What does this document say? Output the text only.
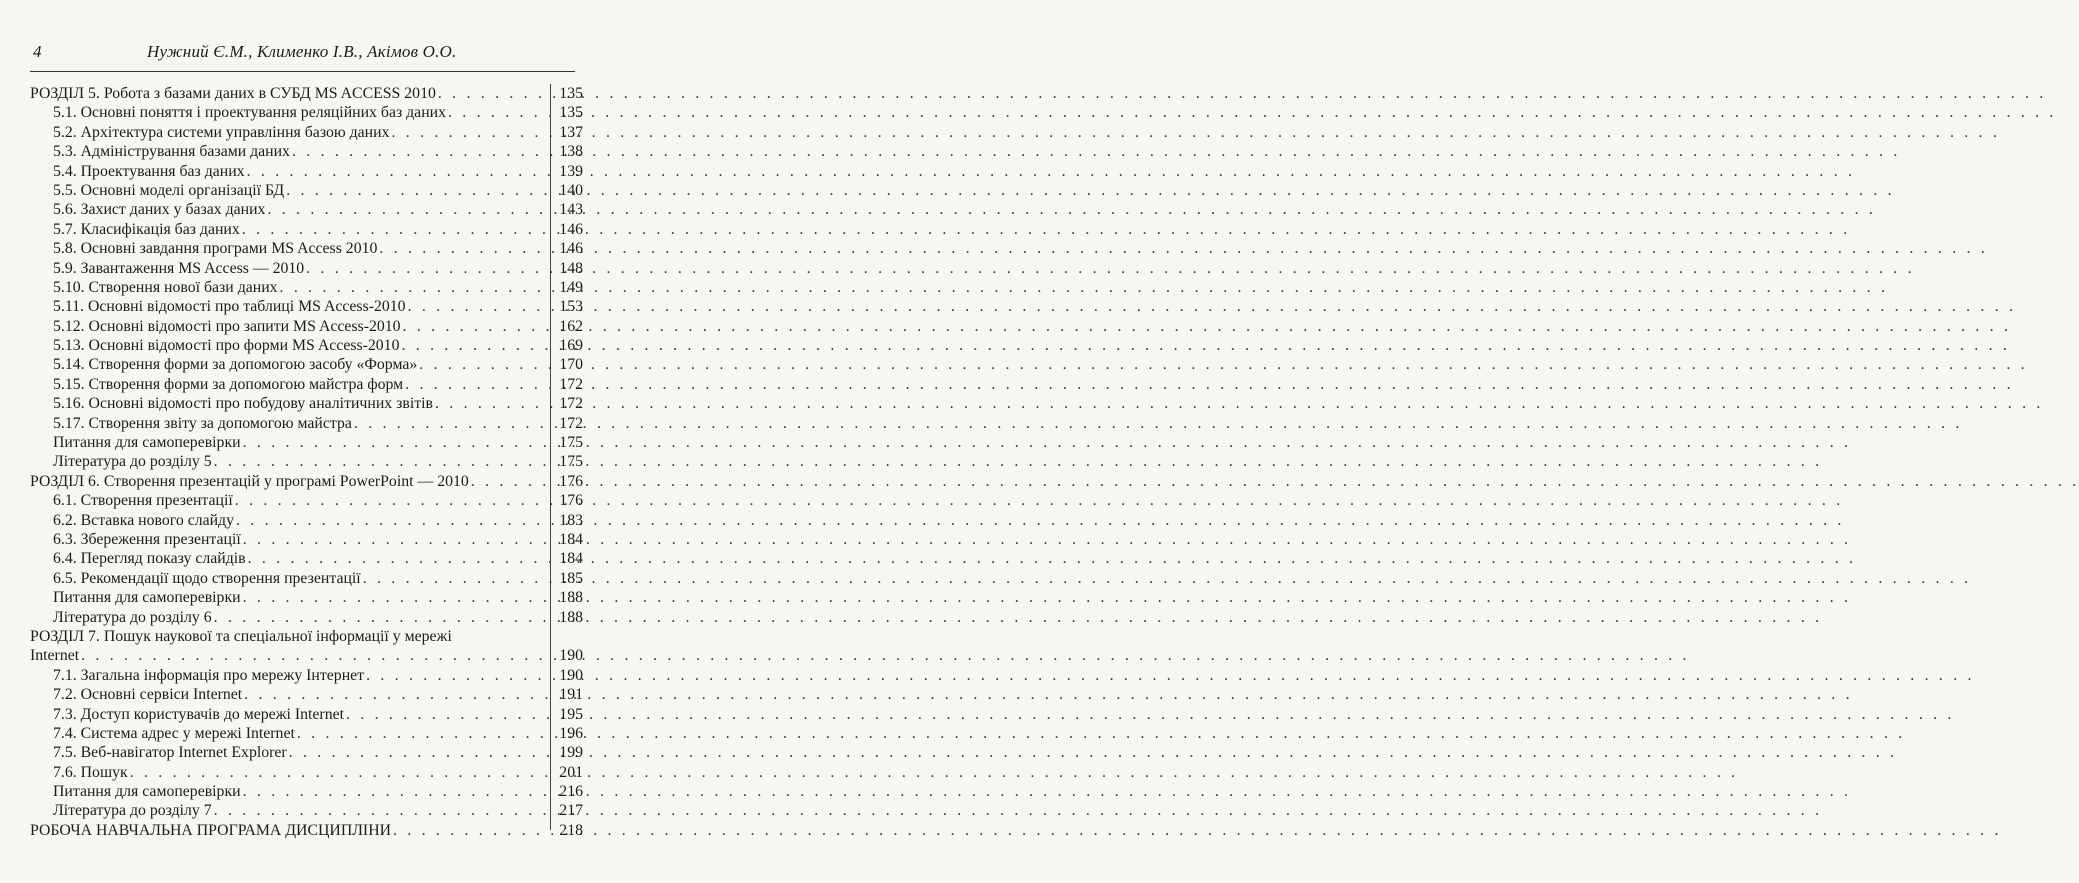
4	Нужний Є.М., Клименко І.В., Акімов О.О.
РОЗДІЛ 5. Робота з базами даних в СУБД MS ACCESS 2010 . . .	135
5.1. Основні поняття і проектування реляційних баз даних . . .	135
5.2. Архітектура системи управління базою даних . . .	137
5.3. Адміністрування базами даних . . .	138
5.4. Проектування баз даних . . .	139
5.5. Основні моделі організації БД . . .	140
5.6. Захист даних у базах даних . . .	143
5.7. Класифікація баз даних . . .	146
5.8. Основні завдання програми MS Access 2010 . . .	146
5.9. Завантаження MS Access — 2010 . . .	148
5.10. Створення нової бази даних . . .	149
5.11. Основні відомості про таблиці MS Access-2010 . . .	153
5.12. Основні відомості про запити MS Access-2010 . . .	162
5.13. Основні відомості про форми MS Access-2010 . . .	169
5.14. Створення форми за допомогою засобу «Форма» . . .	170
5.15. Створення форми за допомогою майстра форм . . .	172
5.16. Основні відомості про побудову аналітичних звітів . . .	172
5.17. Створення звіту за допомогою майстра . . .	172
Питання для самоперевірки . . .	175
Література до розділу 5 . . .	175
РОЗДІЛ 6. Створення презентацій у програмі PowerPoint — 2010 . . .	176
6.1. Створення презентації . . .	176
6.2. Вставка нового слайду . . .	183
6.3. Збереження презентації . . .	184
6.4. Перегляд показу слайдів . . .	184
6.5. Рекомендації щодо створення презентації . . .	185
Питання для самоперевірки . . .	188
Література до розділу 6 . . .	188
РОЗДІЛ 7. Пошук наукової та спеціальної інформації у мережі
Internet . . .	190
7.1. Загальна інформація про мережу Інтернет . . .	190
7.2. Основні сервіси Internet . . .	191
7.3. Доступ користувачів до мережі Internet . . .	195
7.4. Система адрес у мережі Internet . . .	196
7.5. Веб-навігатор Internet Explorer . . .	199
7.6. Пошук . . .	201
Питання для самоперевірки . . .	216
Література до розділу 7 . . .	217
РОБОЧА НАВЧАЛЬНА ПРОГРАМА ДИСЦИПЛІНИ . . .	218
